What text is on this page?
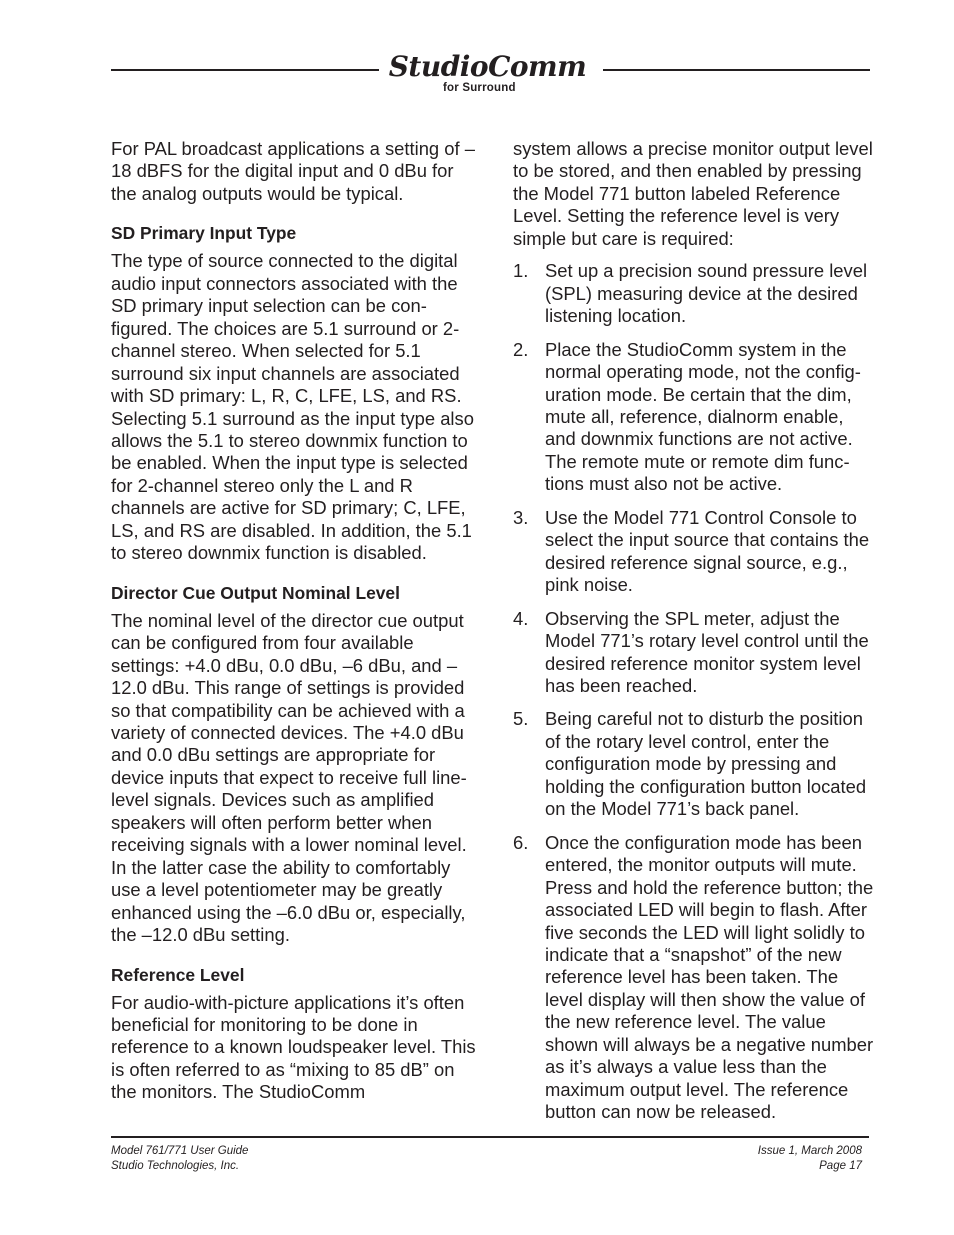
StudioComm
for Surround

For PAL broadcast applications a setting of –18 dBFS for the digital input and 0 dBu for the analog outputs would be typical.

SD Primary Input Type

The type of source connected to the digital audio input connectors associated with the SD primary input selection can be configured. The choices are 5.1 surround or 2-channel stereo. When selected for 5.1 surround six input channels are associated with SD primary: L, R, C, LFE, LS, and RS. Selecting 5.1 surround as the input type also allows the 5.1 to stereo downmix function to be enabled. When the input type is selected for 2-channel stereo only the L and R channels are active for SD primary; C, LFE, LS, and RS are disabled. In addition, the 5.1 to stereo downmix function is disabled.

Director Cue Output Nominal Level

The nominal level of the director cue output can be configured from four available settings: +4.0 dBu, 0.0 dBu, –6 dBu, and –12.0 dBu. This range of settings is provided so that compatibility can be achieved with a variety of connected devices. The +4.0 dBu and 0.0 dBu settings are appropriate for device inputs that expect to receive full line-level signals. Devices such as amplified speakers will often perform better when receiving signals with a lower nominal level. In the latter case the ability to comfortably use a level potentiometer may be greatly enhanced using the –6.0 dBu or, especially, the –12.0 dBu setting.

Reference Level

For audio-with-picture applications it’s often beneficial for monitoring to be done in reference to a known loudspeaker level. This is often referred to as “mixing to 85 dB” on the monitors. The StudioComm

system allows a precise monitor output level to be stored, and then enabled by pressing the Model 771 button labeled Reference Level. Setting the reference level is very simple but care is required:

1. Set up a precision sound pressure level (SPL) measuring device at the desired listening location.
2. Place the StudioComm system in the normal operating mode, not the configuration mode. Be certain that the dim, mute all, reference, dialnorm enable, and downmix functions are not active. The remote mute or remote dim functions must also not be active.
3. Use the Model 771 Control Console to select the input source that contains the desired reference signal source, e.g., pink noise.
4. Observing the SPL meter, adjust the Model 771’s rotary level control until the desired reference monitor system level has been reached.
5. Being careful not to disturb the position of the rotary level control, enter the configuration mode by pressing and holding the configuration button located on the Model 771’s back panel.
6. Once the configuration mode has been entered, the monitor outputs will mute. Press and hold the reference button; the associated LED will begin to flash. After five seconds the LED will light solidly to indicate that a “snapshot” of the new reference level has been taken. The level display will then show the value of the new reference level. The value shown will always be a negative number as it’s always a value less than the maximum output level. The reference button can now be released.
Model 761/771 User Guide
Studio Technologies, Inc.
Issue 1, March 2008
Page 17
